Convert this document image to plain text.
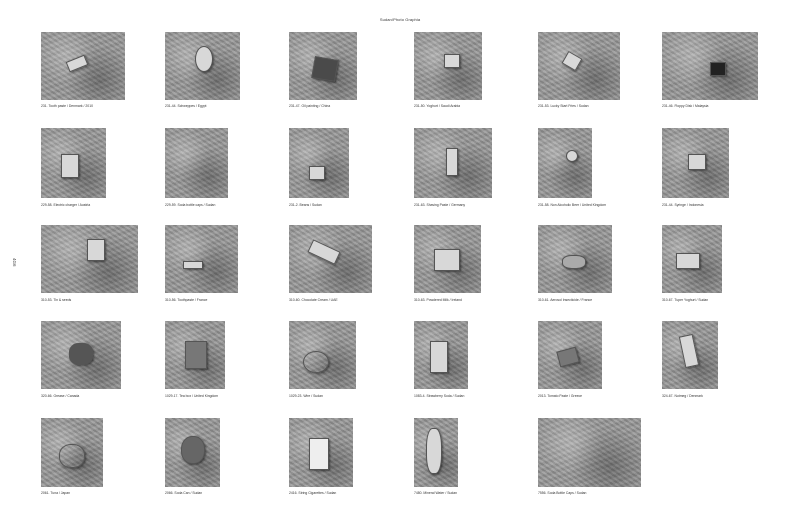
Sudan/Photo Graphia
4Ԍ6
231. Tooth paste / Denmark / 2010	231-44. Schweppes / Egypt	231-47. Oil painting / China	231-50. Yoghurt / Saudi Arabia	231-53. Lucky Start Fries / Sudan	231-46. Floppy Disk / Malaysia
229-58. Electric charger / Austria	229-59. Soda bottle caps / Sudan	231-2. Beans / Sudan	231-63. Shaving Paste / Germany	231-58. Non Alcoholic Beer / United Kingdom	231-44. Syringe / Indonesia
310-53. Tin & seeds	310-56. Toothpaste / France	310-60. Chocolate Cream / UAE	310-63. Powdered Milk / Ireland	310-61. Aerosol Insecticide / France	310-67. Tuper Yoghurt / Sudan
320-66. Grease / Canada	1029-17. Tea box / United Kingdom	1029-23. Wire / Sudan	1083-4. Strawberry Soda / Sudan	2013. Tomato Paste / Greece	324-67. Nutmeg / Denmark
2061. Tuna / Japan	2066. Soda Can / Sudan	2416. String Cigarettes / Sudan	7480. Mineral Water / Sudan	7556. Soda Bottle Caps / Sudan
